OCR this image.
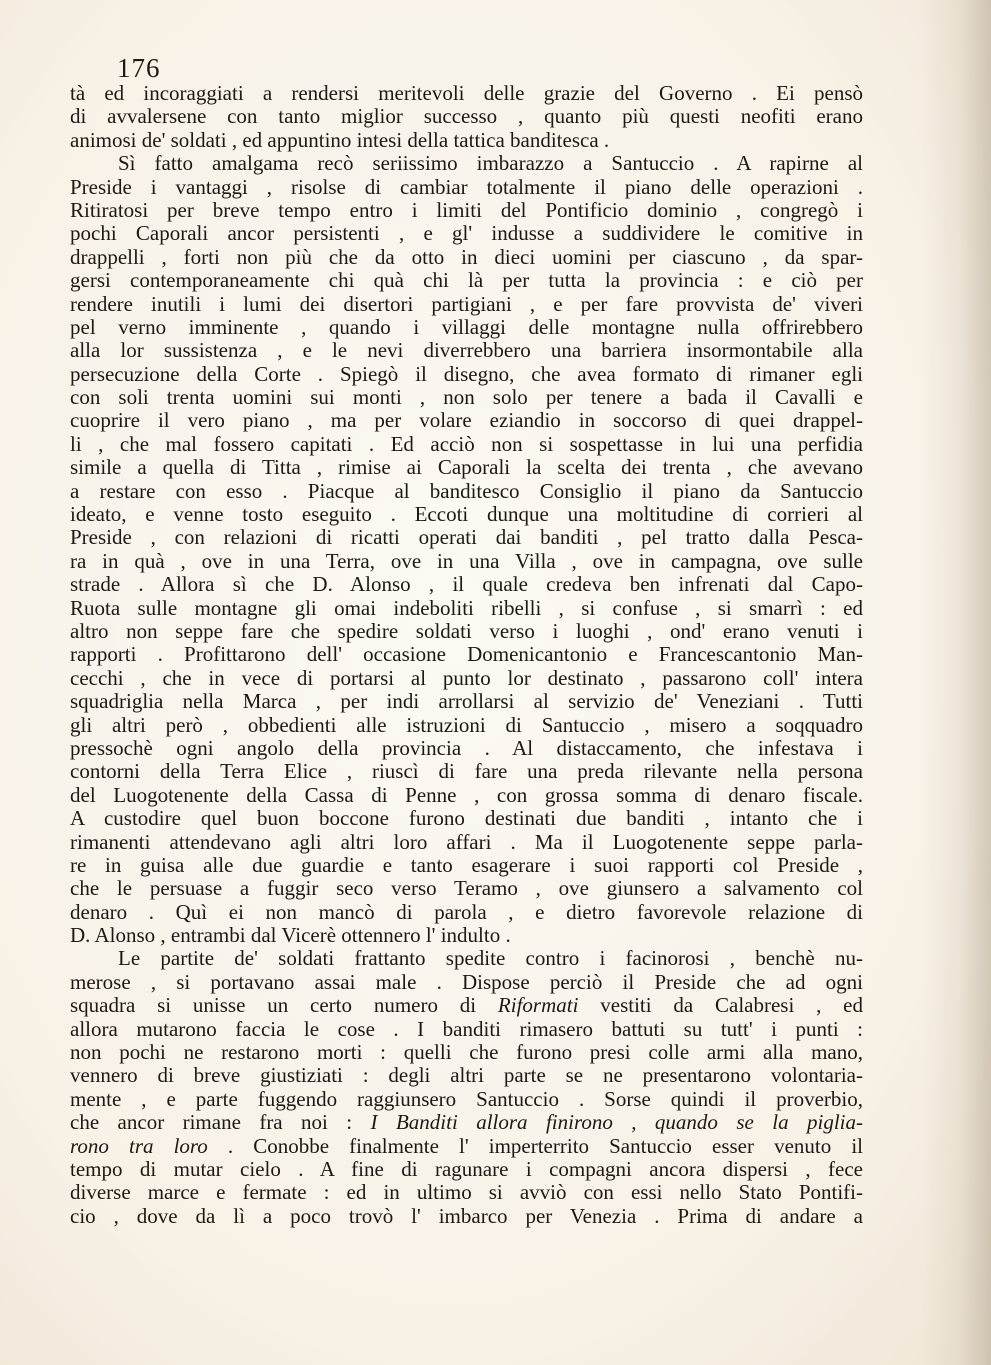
176
tà ed incoraggiati a rendersi meritevoli delle grazie del Governo . Ei pensò
di avvalersene con tanto miglior successo , quanto più questi neofiti erano
animosi de' soldati , ed appuntino intesi della tattica banditesca .
Sì fatto amalgama recò seriissimo imbarazzo a Santuccio . A rapirne al
Preside i vantaggi , risolse di cambiar totalmente il piano delle operazioni .
Ritiratosi per breve tempo entro i limiti del Pontificio dominio , congregò i
pochi Caporali ancor persistenti , e gl' indusse a suddividere le comitive in
drappelli , forti non più che da otto in dieci uomini per ciascuno , da spar-
gersi contemporaneamente chi quà chi là per tutta la provincia : e ciò per
rendere inutili i lumi dei disertori partigiani , e per fare provvista de' viveri
pel verno imminente , quando i villaggi delle montagne nulla offrirebbero
alla lor sussistenza , e le nevi diverrebbero una barriera insormontabile alla
persecuzione della Corte . Spiegò il disegno, che avea formato di rimaner egli
con soli trenta uomini sui monti , non solo per tenere a bada il Cavalli e
cuoprire il vero piano , ma per volare eziandio in soccorso di quei drappel-
li , che mal fossero capitati . Ed acciò non si sospettasse in lui una perfidia
simile a quella di Titta , rimise ai Caporali la scelta dei trenta , che avevano
a restare con esso . Piacque al banditesco Consiglio il piano da Santuccio
ideato, e venne tosto eseguito . Eccoti dunque una moltitudine di corrieri al
Preside , con relazioni di ricatti operati dai banditi , pel tratto dalla Pesca-
ra in quà , ove in una Terra, ove in una Villa , ove in campagna, ove sulle
strade . Allora sì che D. Alonso , il quale credeva ben infrenati dal Capo-
Ruota sulle montagne gli omai indeboliti ribelli , si confuse , si smarrì : ed
altro non seppe fare che spedire soldati verso i luoghi , ond' erano venuti i
rapporti . Profittarono dell' occasione Domenicantonio e Francescantonio Man-
cecchi , che in vece di portarsi al punto lor destinato , passarono coll' intera
squadriglia nella Marca , per indi arrollarsi al servizio de' Veneziani . Tutti
gli altri però , obbedienti alle istruzioni di Santuccio , misero a soqquadro
pressochè ogni angolo della provincia . Al distaccamento, che infestava i
contorni della Terra Elice , riuscì di fare una preda rilevante nella persona
del Luogotenente della Cassa di Penne , con grossa somma di denaro fiscale.
A custodire quel buon boccone furono destinati due banditi , intanto che i
rimanenti attendevano agli altri loro affari . Ma il Luogotenente seppe parla-
re in guisa alle due guardie e tanto esagerare i suoi rapporti col Preside ,
che le persuase a fuggir seco verso Teramo , ove giunsero a salvamento col
denaro . Quì ei non mancò di parola , e dietro favorevole relazione di
D. Alonso , entrambi dal Vicerè ottennero l' indulto .
Le partite de' soldati frattanto spedite contro i facinorosi , benchè nu-
merose , si portavano assai male . Dispose perciò il Preside che ad ogni
squadra si unisse un certo numero di Riformati vestiti da Calabresi , ed
allora mutarono faccia le cose . I banditi rimasero battuti su tutt' i punti :
non pochi ne restarono morti : quelli che furono presi colle armi alla mano,
vennero di breve giustiziati : degli altri parte se ne presentarono volontaria-
mente , e parte fuggendo raggiunsero Santuccio . Sorse quindi il proverbio,
che ancor rimane fra noi : I Banditi allora finirono , quando se la piglia-
rono tra loro . Conobbe finalmente l' imperterrito Santuccio esser venuto il
tempo di mutar cielo . A fine di ragunare i compagni ancora dispersi , fece
diverse marce e fermate : ed in ultimo si avviò con essi nello Stato Pontifi-
cio , dove da lì a poco trovò l' imbarco per Venezia . Prima di andare a
